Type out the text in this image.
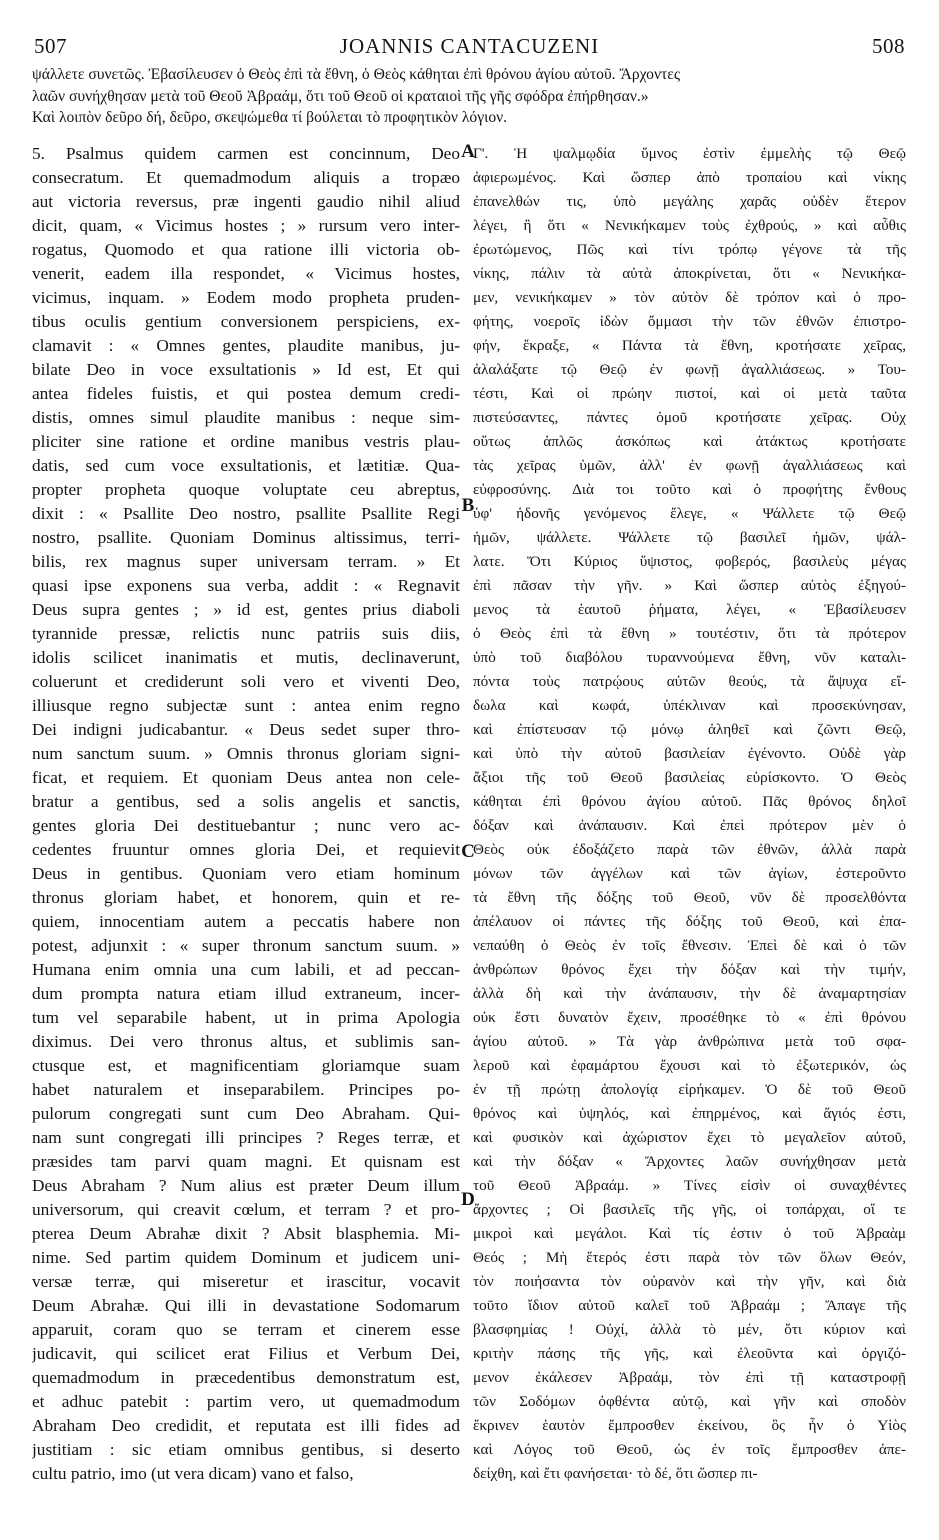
507	JOANNIS CANTACUZENI	508
ψάλλετε συνετῶς. Ἐβασίλευσεν ὁ Θεὸς ἐπὶ τὰ ἔθνη, ὁ Θεὸς κάθηται ἐπὶ θρόνου ἁγίου αὐτοῦ. Ἄρχοντες
λαῶν συνήχθησαν μετὰ τοῦ Θεοῦ Ἀβραάμ, ὅτι τοῦ Θεοῦ οἱ κραταιοὶ τῆς γῆς σφόδρα ἐπήρθησαν.»
Καὶ λοιπὸν δεῦρο δή, δεῦρο, σκεψώμεθα τί βούλεται τὸ προφητικὸν λόγιον.
5. Psalmus quidem carmen est concinnum, Deo
consecratum. Et quemadmodum aliquis a tropæo
aut victoria reversus, præ ingenti gaudio nihil aliud
dicit, quam, « Vicimus hostes ; » rursum vero inter-
rogatus, Quomodo et qua ratione illi victoria ob-
venerit, eadem illa respondet, « Vicimus hostes,
vicimus, inquam. » Eodem modo propheta pruden-
tibus oculis gentium conversionem perspiciens, ex-
clamavit : « Omnes gentes, plaudite manibus, ju-
bilate Deo in voce exsultationis » Id est, Et qui
antea fideles fuistis, et qui postea demum credi-
distis, omnes simul plaudite manibus : neque sim-
pliciter sine ratione et ordine manibus vestris plau-
datis, sed cum voce exsultationis, et lætitiæ. Qua-
propter propheta quoque voluptate ceu abreptus,
dixit : « Psallite Deo nostro, psallite Psallite Regi
nostro, psallite. Quoniam Dominus altissimus, terri-
bilis, rex magnus super universam terram. » Et
quasi ipse exponens sua verba, addit : « Regnavit
Deus supra gentes ; » id est, gentes prius diaboli
tyrannide pressæ, relictis nunc patriis suis diis,
idolis scilicet inanimatis et mutis, declinaverunt,
coluerunt et crediderunt soli vero et viventi Deo,
illiusque regno subjectæ sunt : antea enim regno
Dei indigni judicabantur. « Deus sedet super thro-
num sanctum suum. » Omnis thronus gloriam signi-
ficat, et requiem. Et quoniam Deus antea non cele-
bratur a gentibus, sed a solis angelis et sanctis,
gentes gloria Dei destituebantur ; nunc vero ac-
cedentes fruuntur omnes gloria Dei, et requievit
Deus in gentibus. Quoniam vero etiam hominum
thronus gloriam habet, et honorem, quin et re-
quiem, innocentiam autem a peccatis habere non
potest, adjunxit : « super thronum sanctum suum. »
Humana enim omnia una cum labili, et ad peccan-
dum prompta natura etiam illud extraneum, incer-
tum vel separabile habent, ut in prima Apologia
diximus. Dei vero thronus altus, et sublimis san-
ctusque est, et magnificentiam gloriamque suam
habet naturalem et inseparabilem. Principes po-
pulorum congregati sunt cum Deo Abraham. Qui-
nam sunt congregati illi principes ? Reges terræ, et
præsides tam parvi quam magni. Et quisnam est
Deus Abraham ? Num alius est præter Deum illum
universorum, qui creavit cœlum, et terram ? et pro-
pterea Deum Abrahæ dixit ? Absit blasphemia. Mi-
nime. Sed partim quidem Dominum et judicem uni-
versæ terræ, qui miseretur et irascitur, vocavit
Deum Abrahæ. Qui illi in devastatione Sodomarum
apparuit, coram quo se terram et cinerem esse
judicavit, qui scilicet erat Filius et Verbum Dei,
quemadmodum in præcedentibus demonstratum est,
et adhuc patebit : partim vero, ut quemadmodum
Abraham Deo credidit, et reputata est illi fides ad
justitiam : sic etiam omnibus gentibus, si deserto
cultu patrio, imo (ut vera dicam) vano et falso,
A
B
C
D
Γ'. Ἡ ψαλμῳδία ὕμνος ἐστὶν ἐμμελὴς τῷ Θεῷ
ἀφιερωμένος. Καὶ ὥσπερ ἀπὸ τροπαίου καὶ νίκης
ἐπανελθών τις, ὑπὸ μεγάλης χαρᾶς οὐδὲν ἕτερον
λέγει, ἢ ὅτι « Νενικήκαμεν τοὺς ἐχθρούς, » καὶ αὖθις
ἐρωτώμενος, Πῶς καὶ τίνι τρόπῳ γέγονε τὰ τῆς
νίκης, πάλιν τὰ αὐτὰ ἀποκρίνεται, ὅτι « Νενικήκα-
μεν, νενικήκαμεν » τὸν αὐτὸν δὲ τρόπον καὶ ὁ προ-
φήτης, νοεροῖς ἰδὼν ὄμμασι τὴν τῶν ἐθνῶν ἐπιστρο-
φήν, ἔκραξε, « Πάντα τὰ ἔθνη, κροτήσατε χεῖρας,
ἀλαλάξατε τῷ Θεῷ ἐν φωνῇ ἀγαλλιάσεως. » Του-
τέστι, Καὶ οἱ πρώην πιστοί, καὶ οἱ μετὰ ταῦτα
πιστεύσαντες, πάντες ὁμοῦ κροτήσατε χεῖρας. Οὐχ
οὕτως ἁπλῶς ἀσκόπως καὶ ἀτάκτως κροτήσατε
τὰς χεῖρας ὑμῶν, ἀλλ' ἐν φωνῇ ἀγαλλιάσεως καὶ
εὐφροσύνης. Διὰ τοι τοῦτο καὶ ὁ προφήτης ἔνθους
ὑφ' ἡδονῆς γενόμενος ἔλεγε, « Ψάλλετε τῷ Θεῷ
ἡμῶν, ψάλλετε. Ψάλλετε τῷ βασιλεῖ ἡμῶν, ψάλ-
λατε. Ὅτι Κύριος ὕψιστος, φοβερός, βασιλεὺς μέγας
ἐπὶ πᾶσαν τὴν γῆν. » Καὶ ὥσπερ αὐτὸς ἐξηγού-
μενος τὰ ἑαυτοῦ ῥήματα, λέγει, « Ἐβασίλευσεν
ὁ Θεὸς ἐπὶ τὰ ἔθνη » τουτέστιν, ὅτι τὰ πρότερον
ὑπὸ τοῦ διαβόλου τυραννούμενα ἔθνη, νῦν καταλι-
πόντα τοὺς πατρῴους αὐτῶν θεούς, τὰ ἄψυχα εἴ-
δωλα καὶ κωφά, ὑπέκλιναν καὶ προσεκύνησαν,
καὶ ἐπίστευσαν τῷ μόνῳ ἀληθεῖ καὶ ζῶντι Θεῷ,
καὶ ὑπὸ τὴν αὐτοῦ βασιλείαν ἐγένοντο. Οὐδὲ γὰρ
ἄξιοι τῆς τοῦ Θεοῦ βασιλείας εὑρίσκοντο. Ὁ Θεὸς
κάθηται ἐπὶ θρόνου ἁγίου αὐτοῦ. Πᾶς θρόνος δηλοῖ
δόξαν καὶ ἀνάπαυσιν. Καὶ ἐπεὶ πρότερον μὲν ὁ
Θεὸς οὐκ ἐδοξάζετο παρὰ τῶν ἐθνῶν, ἀλλὰ παρὰ
μόνων τῶν ἀγγέλων καὶ τῶν ἁγίων, ἐστεροῦντο
τὰ ἔθνη τῆς δόξης τοῦ Θεοῦ, νῦν δὲ προσελθόντα
ἀπέλαυον οἱ πάντες τῆς δόξης τοῦ Θεοῦ, καὶ ἐπα-
νεπαύθη ὁ Θεὸς ἐν τοῖς ἔθνεσιν. Ἐπεὶ δὲ καὶ ὁ τῶν
ἀνθρώπων θρόνος ἔχει τὴν δόξαν καὶ τὴν τιμήν,
ἀλλὰ δὴ καὶ τὴν ἀνάπαυσιν, τὴν δὲ ἀναμαρτησίαν
οὐκ ἔστι δυνατὸν ἔχειν, προσέθηκε τὸ « ἐπὶ θρόνου
ἁγίου αὐτοῦ. » Τὰ γὰρ ἀνθρώπινα μετὰ τοῦ σφα-
λεροῦ καὶ ἐφαμάρτου ἔχουσι καὶ τὸ ἐξωτερικόν, ὡς
ἐν τῇ πρώτῃ ἀπολογίᾳ εἰρήκαμεν. Ὁ δὲ τοῦ Θεοῦ
θρόνος καὶ ὑψηλός, καὶ ἐπηρμένος, καὶ ἅγιός ἐστι,
καὶ φυσικὸν καὶ ἀχώριστον ἔχει τὸ μεγαλεῖον αὐτοῦ,
καὶ τὴν δόξαν « Ἄρχοντες λαῶν συνήχθησαν μετὰ
τοῦ Θεοῦ Ἀβραάμ. » Τίνες εἰσὶν οἱ συναχθέντες
ἄρχοντες ; Οἱ βασιλεῖς τῆς γῆς, οἱ τοπάρχαι, οἵ τε
μικροὶ καὶ μεγάλοι. Καὶ τίς ἐστιν ὁ τοῦ Ἀβραὰμ
Θεός ; Μὴ ἕτερός ἐστι παρὰ τὸν τῶν ὅλων Θεόν,
τὸν ποιήσαντα τὸν οὐρανὸν καὶ τὴν γῆν, καὶ διὰ
τοῦτο ἴδιον αὐτοῦ καλεῖ τοῦ Ἀβραάμ ; Ἄπαγε τῆς
βλασφημίας ! Οὐχί, ἀλλὰ τὸ μέν, ὅτι κύριον καὶ
κριτὴν πάσης τῆς γῆς, καὶ ἐλεοῦντα καὶ ὀργιζό-
μενον ἐκάλεσεν Ἀβραάμ, τὸν ἐπὶ τῇ καταστροφῇ
τῶν Σοδόμων ὀφθέντα αὐτῷ, καὶ γῆν καὶ σποδὸν
ἔκρινεν ἑαυτὸν ἔμπροσθεν ἐκείνου, ὃς ἦν ὁ Υἱὸς
καὶ Λόγος τοῦ Θεοῦ, ὡς ἐν τοῖς ἔμπροσθεν ἀπε-
δείχθη, καὶ ἔτι φανήσεται· τὸ δέ, ὅτι ὥσπερ πι-
